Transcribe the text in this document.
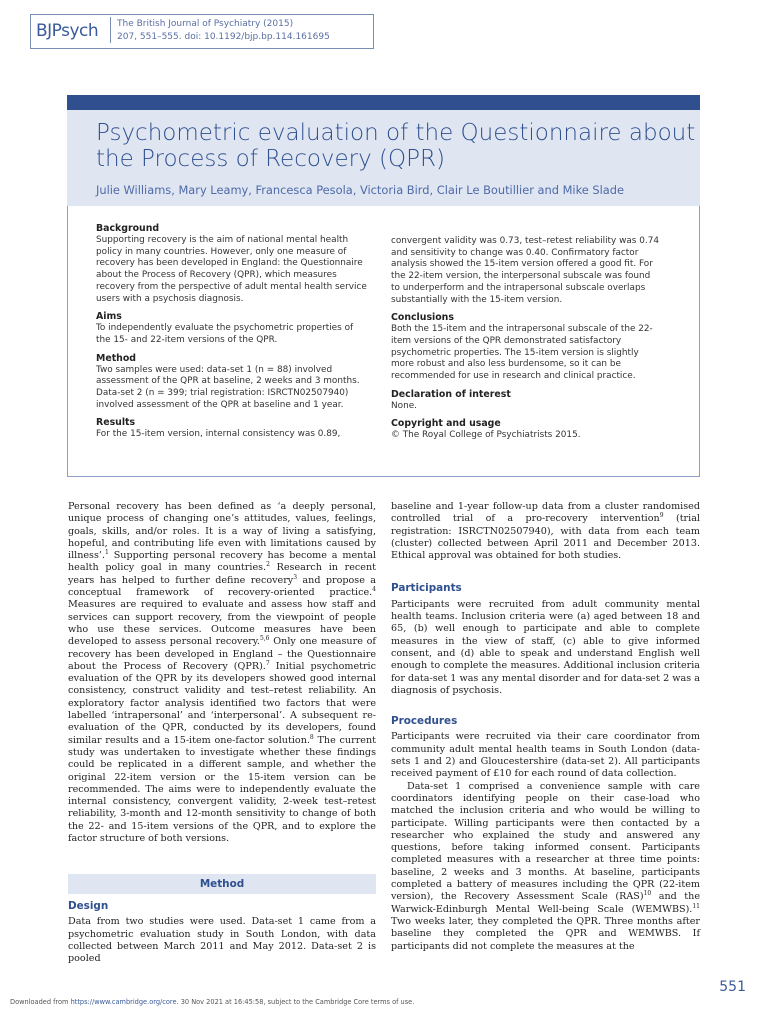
BJPsych The British Journal of Psychiatry (2015)
207, 551–555. doi: 10.1192/bjp.bp.114.161695
Psychometric evaluation of the Questionnaire about the Process of Recovery (QPR)
Julie Williams, Mary Leamy, Francesca Pesola, Victoria Bird, Clair Le Boutillier and Mike Slade
Background

Supporting recovery is the aim of national mental health policy in many countries. However, only one measure of recovery has been developed in England: the Questionnaire about the Process of Recovery (QPR), which measures recovery from the perspective of adult mental health service users with a psychosis diagnosis.

Aims

To independently evaluate the psychometric properties of the 15- and 22-item versions of the QPR.

Method

Two samples were used: data-set 1 (n = 88) involved assessment of the QPR at baseline, 2 weeks and 3 months. Data-set 2 (n = 399; trial registration: ISRCTN02507940) involved assessment of the QPR at baseline and 1 year.

Results

For the 15-item version, internal consistency was 0.89,

convergent validity was 0.73, test–retest reliability was 0.74 and sensitivity to change was 0.40. Confirmatory factor analysis showed the 15-item version offered a good fit. For the 22-item version, the interpersonal subscale was found to underperform and the intrapersonal subscale overlaps substantially with the 15-item version.

Conclusions

Both the 15-item and the intrapersonal subscale of the 22-item versions of the QPR demonstrated satisfactory psychometric properties. The 15-item version is slightly more robust and also less burdensome, so it can be recommended for use in research and clinical practice.

Declaration of interest

None.

Copyright and usage

© The Royal College of Psychiatrists 2015.

Personal recovery has been defined as ‘a deeply personal, unique process of changing one’s attitudes, values, feelings, goals, skills, and/or roles. It is a way of living a satisfying, hopeful, and contributing life even with limitations caused by illness’.$^1$ Supporting personal recovery has become a mental health policy goal in many countries.$^2$ Research in recent years has helped to further define recovery$^3$ and propose a conceptual framework of recovery-oriented practice.$^4$ Measures are required to evaluate and assess how staff and services can support recovery, from the viewpoint of people who use these services. Outcome measures have been developed to assess personal recovery.$^{5,6}$ Only one measure of recovery has been developed in England – the Questionnaire about the Process of Recovery (QPR).$^7$ Initial psychometric evaluation of the QPR by its developers showed good internal consistency, construct validity and test–retest reliability. An exploratory factor analysis identified two factors that were labelled ‘intrapersonal’ and ‘interpersonal’. A subsequent re-evaluation of the QPR, conducted by its developers, found similar results and a 15-item one-factor solution.$^8$ The current study was undertaken to investigate whether these findings could be replicated in a different sample, and whether the original 22-item version or the 15-item version can be recommended. The aims were to independently evaluate the internal consistency, convergent validity, 2-week test–retest reliability, 3-month and 12-month sensitivity to change of both the 22- and 15-item versions of the QPR, and to explore the factor structure of both versions.

Method
Design

Data from two studies were used. Data-set 1 came from a psychometric evaluation study in South London, with data collected between March 2011 and May 2012. Data-set 2 is pooled

baseline and 1-year follow-up data from a cluster randomised controlled trial of a pro-recovery intervention$^9$ (trial registration: ISRCTN02507940), with data from each team (cluster) collected between April 2011 and December 2013. Ethical approval was obtained for both studies.

Participants

Participants were recruited from adult community mental health teams. Inclusion criteria were (a) aged between 18 and 65, (b) well enough to participate and able to complete measures in the view of staff, (c) able to give informed consent, and (d) able to speak and understand English well enough to complete the measures. Additional inclusion criteria for data-set 1 was any mental disorder and for data-set 2 was a diagnosis of psychosis.

Procedures

Participants were recruited via their care coordinator from community adult mental health teams in South London (data-sets 1 and 2) and Gloucestershire (data-set 2). All participants received payment of £10 for each round of data collection.

Data-set 1 comprised a convenience sample with care coordinators identifying people on their case-load who matched the inclusion criteria and who would be willing to participate. Willing participants were then contacted by a researcher who explained the study and answered any questions, before taking informed consent. Participants completed measures with a researcher at three time points: baseline, 2 weeks and 3 months. At baseline, participants completed a battery of measures including the QPR (22-item version), the Recovery Assessment Scale (RAS)$^{10}$ and the Warwick-Edinburgh Mental Well-being Scale (WEMWBS).$^{11}$ Two weeks later, they completed the QPR. Three months after baseline they completed the QPR and WEMWBS. If participants did not complete the measures at the

551
Downloaded from https://www.cambridge.org/core. 30 Nov 2021 at 16:45:58, subject to the Cambridge Core terms of use.
